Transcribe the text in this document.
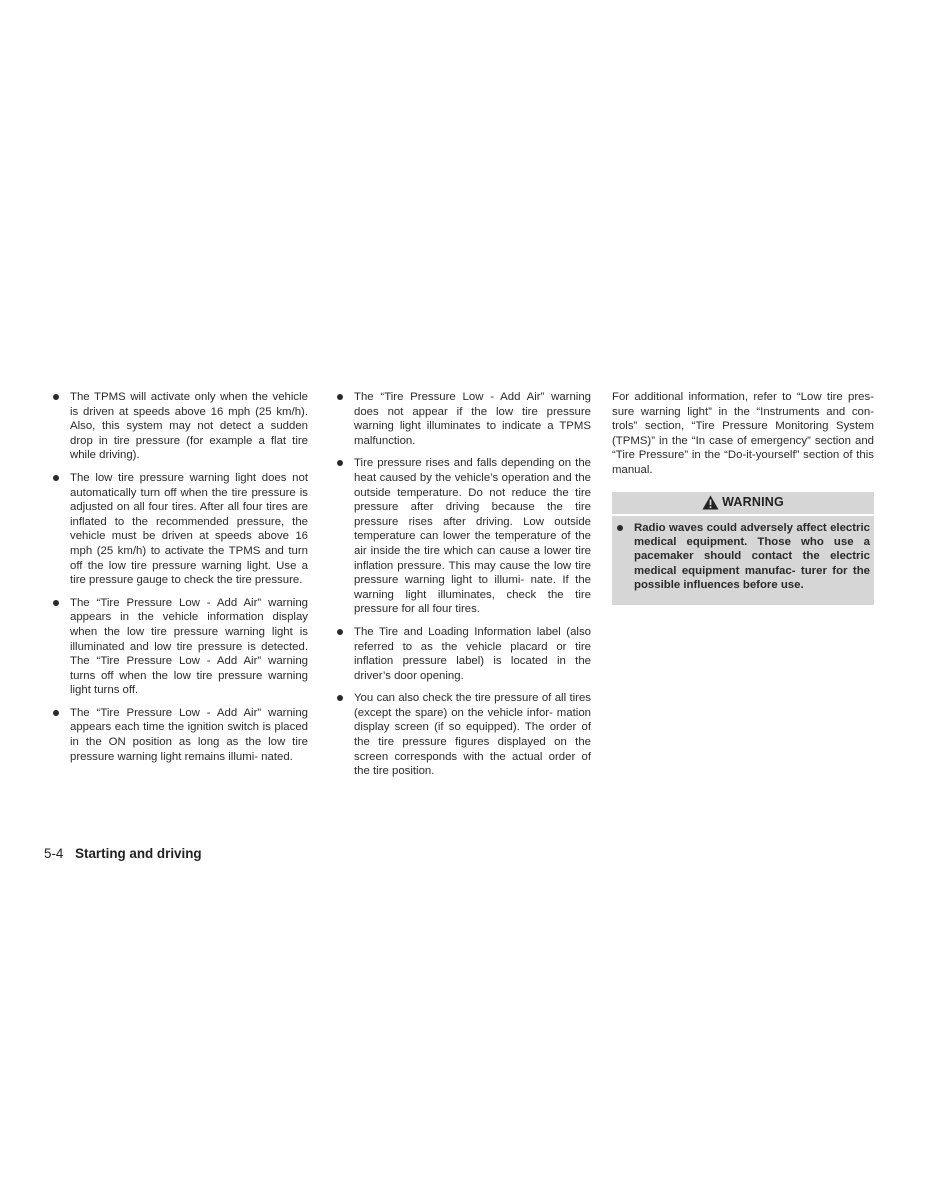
The TPMS will activate only when the vehicle is driven at speeds above 16 mph (25 km/h). Also, this system may not detect a sudden drop in tire pressure (for example a flat tire while driving).
The low tire pressure warning light does not automatically turn off when the tire pressure is adjusted on all four tires. After all four tires are inflated to the recommended pressure, the vehicle must be driven at speeds above 16 mph (25 km/h) to activate the TPMS and turn off the low tire pressure warning light. Use a tire pressure gauge to check the tire pressure.
The “Tire Pressure Low - Add Air” warning appears in the vehicle information display when the low tire pressure warning light is illuminated and low tire pressure is detected. The “Tire Pressure Low - Add Air” warning turns off when the low tire pressure warning light turns off.
The “Tire Pressure Low - Add Air” warning appears each time the ignition switch is placed in the ON position as long as the low tire pressure warning light remains illumi- nated.
The “Tire Pressure Low - Add Air” warning does not appear if the low tire pressure warning light illuminates to indicate a TPMS malfunction.
Tire pressure rises and falls depending on the heat caused by the vehicle’s operation and the outside temperature. Do not reduce the tire pressure after driving because the tire pressure rises after driving. Low outside temperature can lower the temperature of the air inside the tire which can cause a lower tire inflation pressure. This may cause the low tire pressure warning light to illumi- nate. If the warning light illuminates, check the tire pressure for all four tires.
The Tire and Loading Information label (also referred to as the vehicle placard or tire inflation pressure label) is located in the driver’s door opening.
You can also check the tire pressure of all tires (except the spare) on the vehicle infor- mation display screen (if so equipped). The order of the tire pressure figures displayed on the screen corresponds with the actual order of the tire position.

For additional information, refer to “Low tire pres- sure warning light” in the “Instruments and con- trols” section, “Tire Pressure Monitoring System (TPMS)” in the “In case of emergency” section and “Tire Pressure” in the “Do-it-yourself” section of this manual.

WARNING
Radio waves could adversely affect electric medical equipment. Those who use a pacemaker should contact the electric medical equipment manufac- turer for the possible influences before use.
5-4 Starting and driving
